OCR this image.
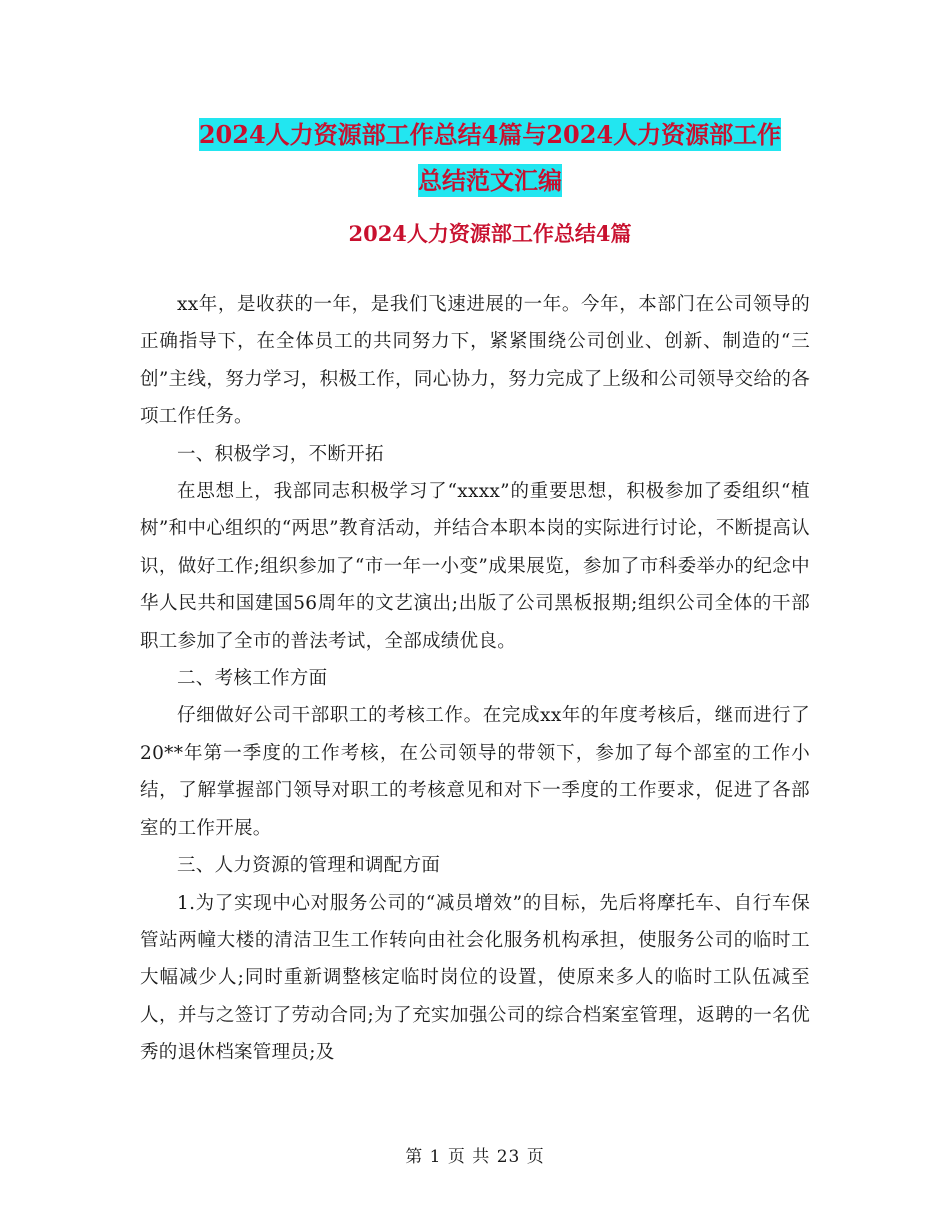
2024人力资源部工作总结4篇与2024人力资源部工作
总结范文汇编
2024人力资源部工作总结4篇

xx年，是收获的一年，是我们飞速进展的一年。今年，本部门在公司领导的正确指导下，在全体员工的共同努力下，紧紧围绕公司创业、创新、制造的“三创”主线，努力学习，积极工作，同心协力，努力完成了上级和公司领导交给的各项工作任务。

一、积极学习，不断开拓

在思想上，我部同志积极学习了“xxxx”的重要思想，积极参加了委组织“植树”和中心组织的“两思”教育活动，并结合本职本岗的实际进行讨论，不断提高认识，做好工作;组织参加了“市一年一小变”成果展览，参加了市科委举办的纪念中华人民共和国建国56周年的文艺演出;出版了公司黑板报期;组织公司全体的干部职工参加了全市的普法考试，全部成绩优良。

二、考核工作方面

仔细做好公司干部职工的考核工作。在完成xx年的年度考核后，继而进行了20**年第一季度的工作考核，在公司领导的带领下，参加了每个部室的工作小结，了解掌握部门领导对职工的考核意见和对下一季度的工作要求，促进了各部室的工作开展。

三、人力资源的管理和调配方面

1.为了实现中心对服务公司的“减员增效”的目标，先后将摩托车、自行车保管站两幢大楼的清洁卫生工作转向由社会化服务机构承担，使服务公司的临时工大幅减少人;同时重新调整核定临时岗位的设置，使原来多人的临时工队伍减至人，并与之签订了劳动合同;为了充实加强公司的综合档案室管理，返聘的一名优秀的退休档案管理员;及

第 1 页 共 23 页
